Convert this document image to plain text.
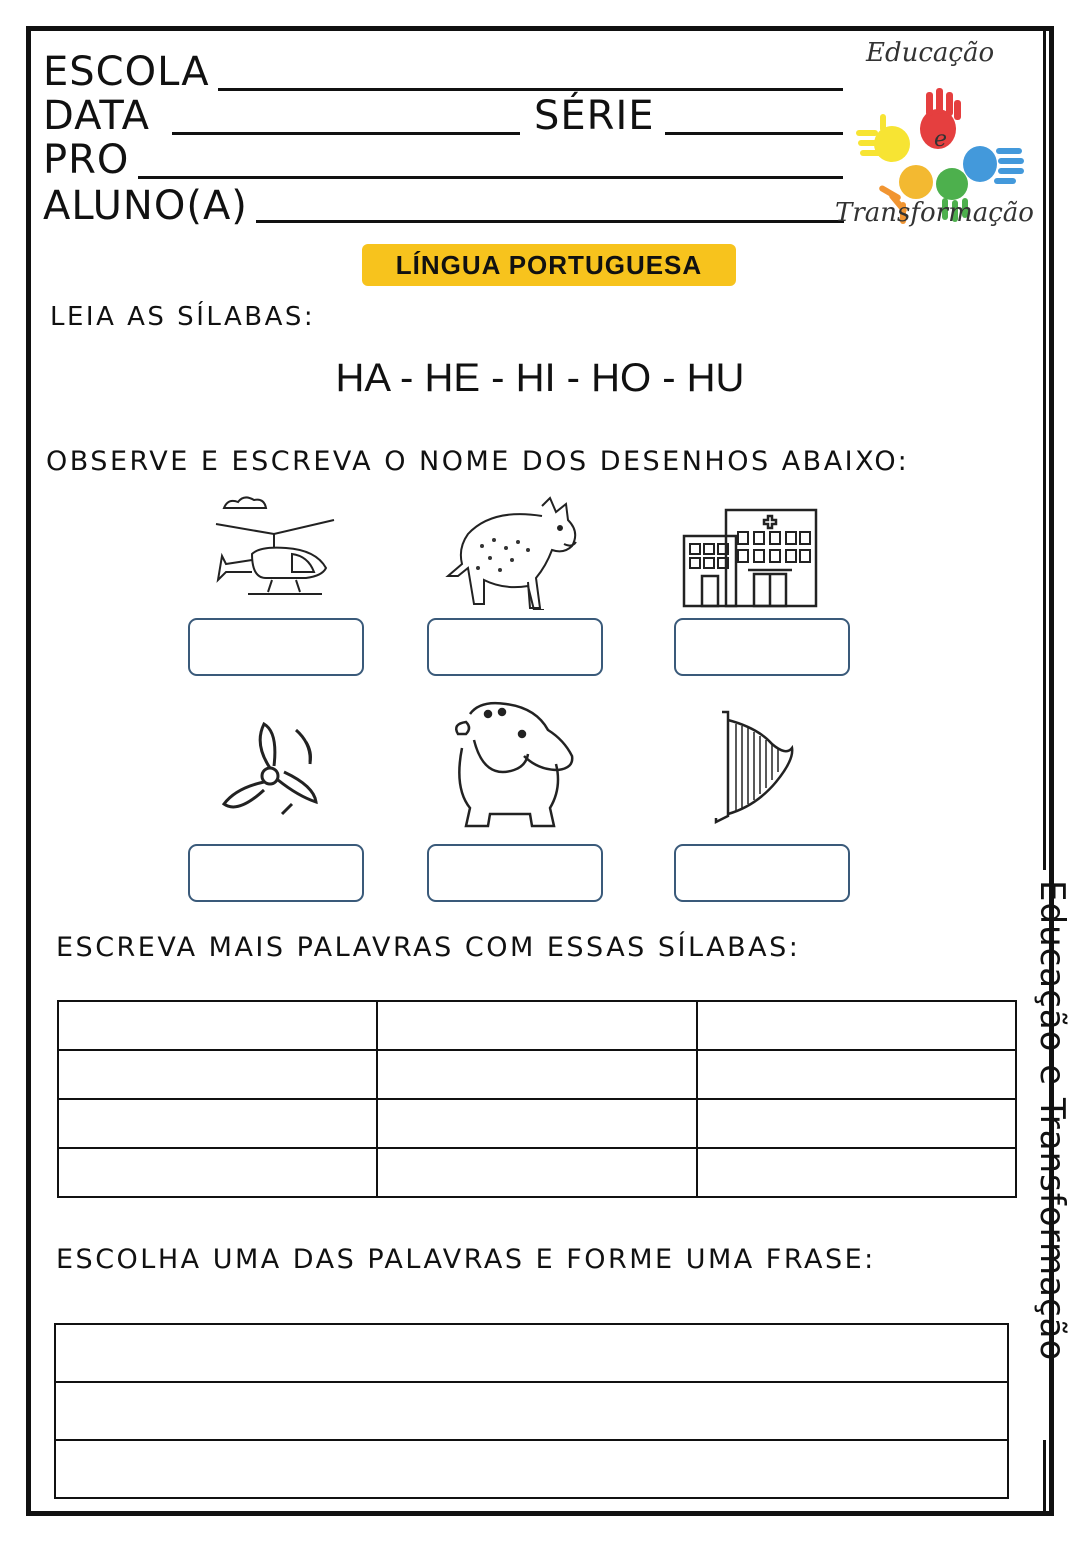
ESCOLA
DATA	SÉRIE
PRO
ALUNO(A)
Educação
e
Transformação
LÍNGUA PORTUGUESA
LEIA AS SÍLABAS:
HA - HE - HI - HO - HU
OBSERVE E ESCREVA O NOME DOS DESENHOS ABAIXO:
ESCREVA MAIS PALAVRAS COM ESSAS SÍLABAS:

ESCOLHA UMA DAS PALAVRAS E FORME UMA FRASE:	Educação e Transformação
